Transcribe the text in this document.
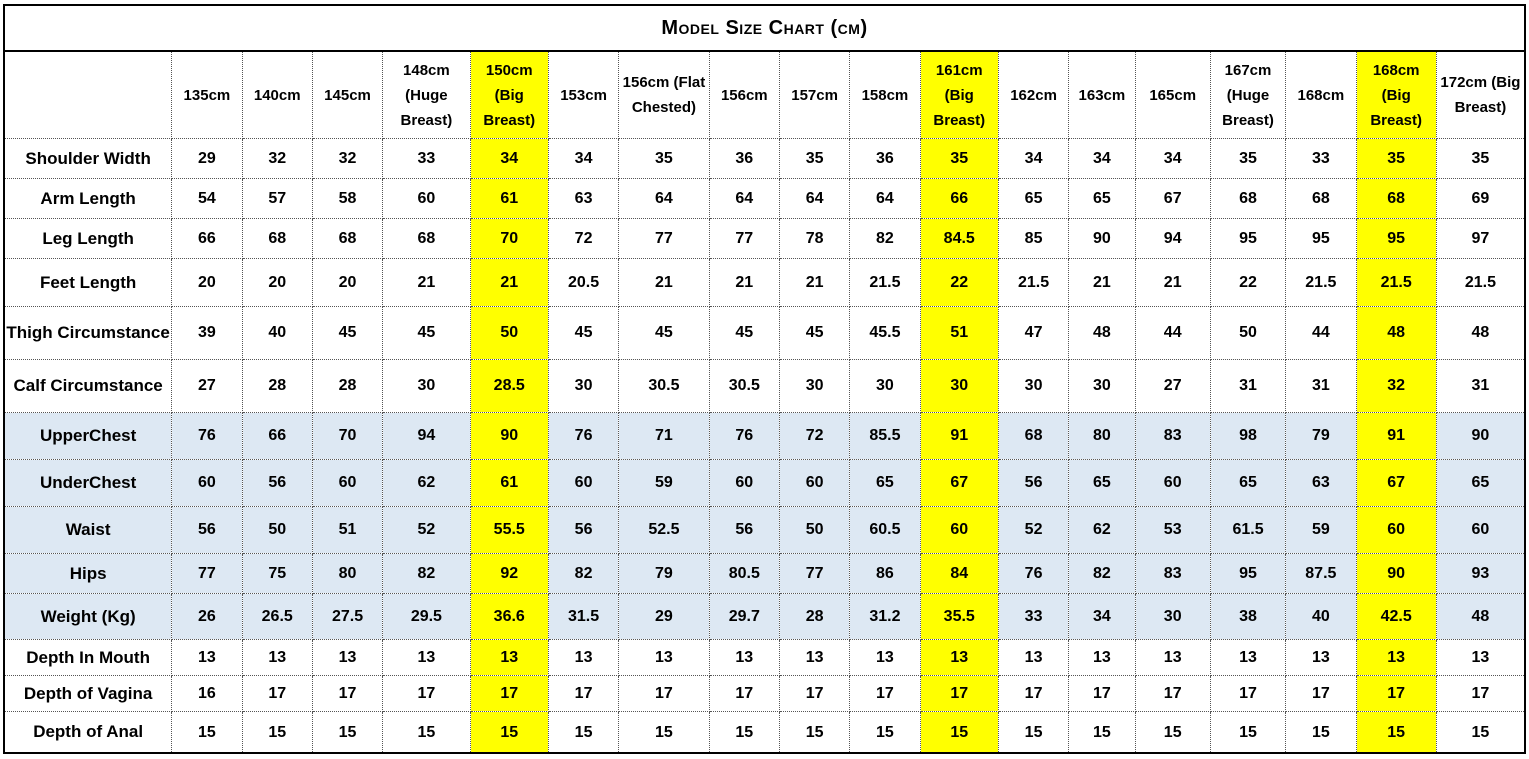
Model Size Chart (cm)																		
	135cm	140cm	145cm	148cm (Huge Breast)	150cm (Big Breast)	153cm	156cm (Flat Chested)	156cm	157cm	158cm	161cm (Big Breast)	162cm	163cm	165cm	167cm (Huge Breast)	168cm	168cm (Big Breast)	172cm (Big Breast)
Shoulder Width	29	32	32	33	34	34	35	36	35	36	35	34	34	34	35	33	35	35
Arm Length	54	57	58	60	61	63	64	64	64	64	66	65	65	67	68	68	68	69
Leg Length	66	68	68	68	70	72	77	77	78	82	84.5	85	90	94	95	95	95	97
Feet Length	20	20	20	21	21	20.5	21	21	21	21.5	22	21.5	21	21	22	21.5	21.5	21.5
Thigh Circumstance	39	40	45	45	50	45	45	45	45	45.5	51	47	48	44	50	44	48	48
Calf Circumstance	27	28	28	30	28.5	30	30.5	30.5	30	30	30	30	30	27	31	31	32	31
UpperChest	76	66	70	94	90	76	71	76	72	85.5	91	68	80	83	98	79	91	90
UnderChest	60	56	60	62	61	60	59	60	60	65	67	56	65	60	65	63	67	65
Waist	56	50	51	52	55.5	56	52.5	56	50	60.5	60	52	62	53	61.5	59	60	60
Hips	77	75	80	82	92	82	79	80.5	77	86	84	76	82	83	95	87.5	90	93
Weight (Kg)	26	26.5	27.5	29.5	36.6	31.5	29	29.7	28	31.2	35.5	33	34	30	38	40	42.5	48
Depth In Mouth	13	13	13	13	13	13	13	13	13	13	13	13	13	13	13	13	13	13
Depth of Vagina	16	17	17	17	17	17	17	17	17	17	17	17	17	17	17	17	17	17
Depth of Anal	15	15	15	15	15	15	15	15	15	15	15	15	15	15	15	15	15	15
